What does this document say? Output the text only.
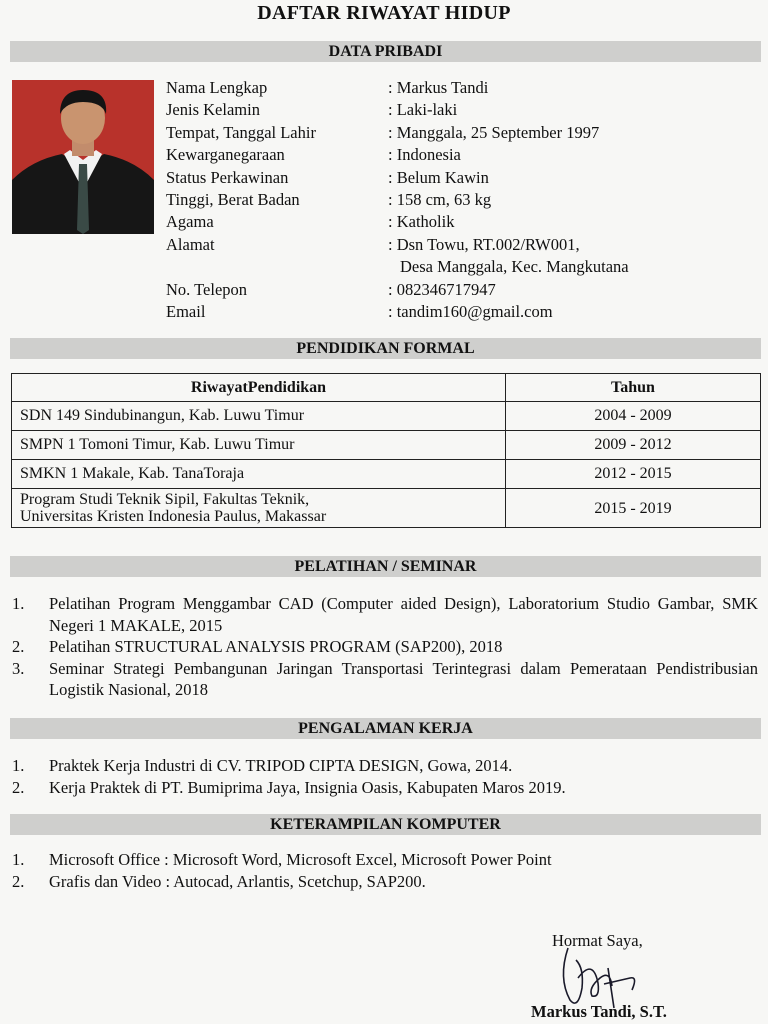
DAFTAR RIWAYAT HIDUP
DATA PRIBADI
Nama Lengkap	: Markus Tandi
Jenis Kelamin	: Laki-laki
Tempat, Tanggal Lahir	: Manggala, 25 September 1997
Kewarganegaraan	: Indonesia
Status Perkawinan	: Belum Kawin
Tinggi, Berat Badan	: 158 cm, 63 kg
Agama	: Katholik
Alamat	: Dsn Towu, RT.002/RW001,
Desa Manggala, Kec. Mangkutana
No. Telepon	: 082346717947
Email	: tandim160@gmail.com
PENDIDIKAN FORMAL
RiwayatPendidikan	Tahun
SDN 149 Sindubinangun, Kab. Luwu Timur	2004 - 2009
SMPN 1 Tomoni Timur, Kab. Luwu Timur	2009 - 2012
SMKN 1 Makale, Kab. TanaToraja	2012 - 2015

Program Studi Teknik Sipil, Fakultas Teknik,
Universitas Kristen Indonesia Paulus, Makassar	2015 - 2019
PELATIHAN / SEMINAR
1.	Pelatihan Program Menggambar CAD (Computer aided Design), Laboratorium Studio Gambar, SMK Negeri 1 MAKALE, 2015
2.	Pelatihan STRUCTURAL ANALYSIS PROGRAM (SAP200), 2018
3.	Seminar Strategi Pembangunan Jaringan Transportasi Terintegrasi dalam Pemerataan Pendistribusian Logistik Nasional, 2018
PENGALAMAN KERJA
1.	Praktek Kerja Industri di CV. TRIPOD CIPTA DESIGN, Gowa, 2014.
2.	Kerja Praktek di PT. Bumiprima Jaya, Insignia Oasis, Kabupaten Maros 2019.
KETERAMPILAN KOMPUTER
1.	Microsoft Office : Microsoft Word, Microsoft Excel, Microsoft Power Point
2.	Grafis dan Video : Autocad, Arlantis, Scetchup, SAP200.
Hormat Saya,
Markus Tandi, S.T.
